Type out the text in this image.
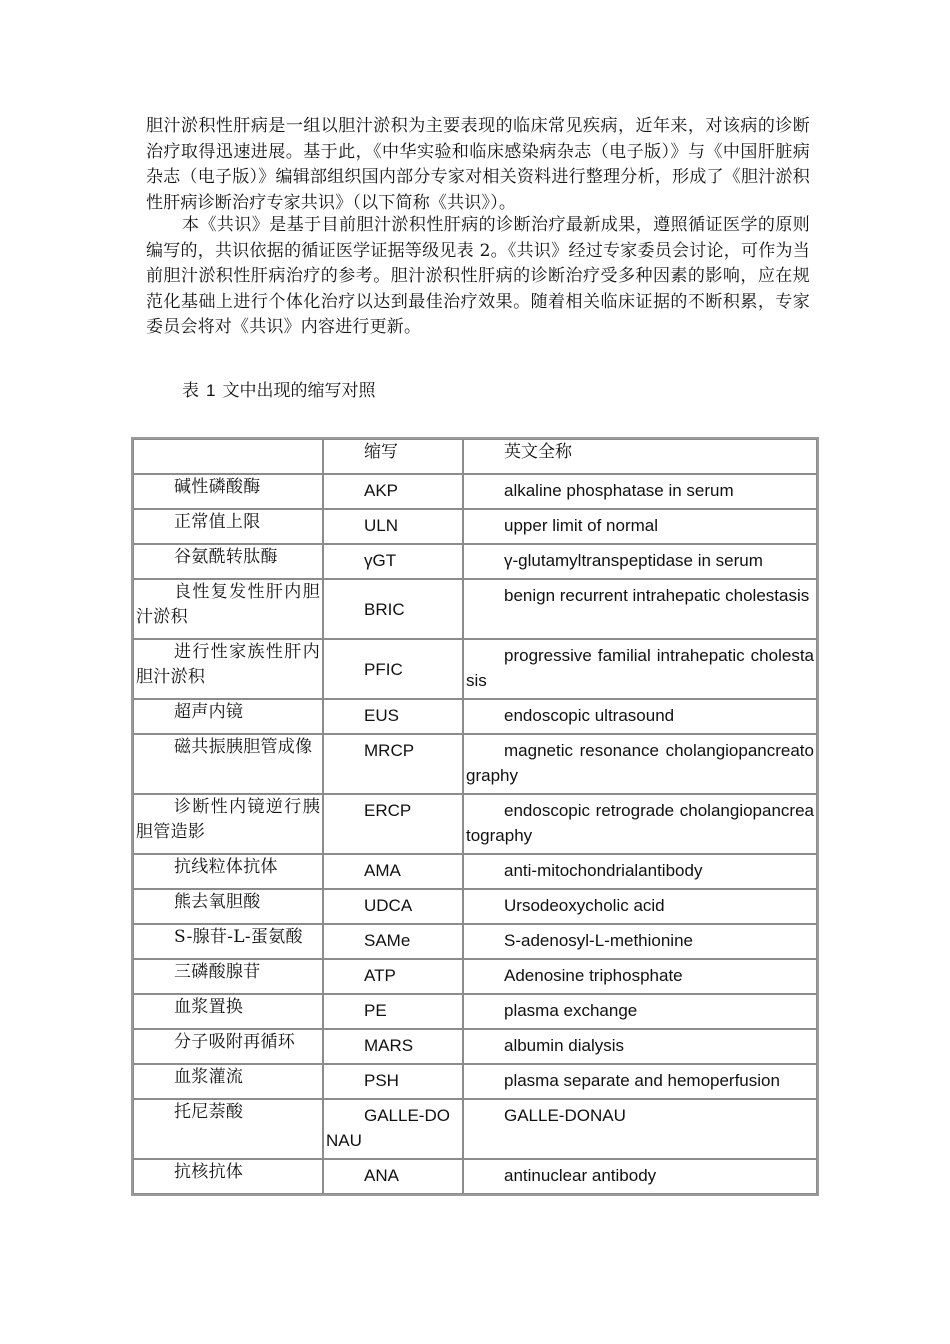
胆汁淤积性肝病是一组以胆汁淤积为主要表现的临床常见疾病，近年来，对该病的诊断治疗取得迅速进展。基于此，《中华实验和临床感染病杂志（电子版）》与《中国肝脏病杂志（电子版）》编辑部组织国内部分专家对相关资料进行整理分析，形成了《胆汁淤积性肝病诊断治疗专家共识》（以下简称《共识》）。

本《共识》是基于目前胆汁淤积性肝病的诊断治疗最新成果，遵照循证医学的原则编写的，共识依据的循证医学证据等级见表 2。《共识》经过专家委员会讨论，可作为当前胆汁淤积性肝病治疗的参考。胆汁淤积性肝病的诊断治疗受多种因素的影响，应在规范化基础上进行个体化治疗以达到最佳治疗效果。随着相关临床证据的不断积累，专家委员会将对《共识》内容进行更新。

表 1 文中出现的缩写对照

	缩写	英文全称
碱性磷酸酶	AKP	alkaline phosphatase in serum
正常值上限	ULN	upper limit of normal
谷氨酰转肽酶	γGT	γ-glutamyltranspeptidase in serum
良性复发性肝内胆汁淤积	BRIC	benign recurrent intrahepatic cholestasis
进行性家族性肝内胆汁淤积	PFIC	progressive familial intrahepatic cholestasis
超声内镜	EUS	endoscopic ultrasound
磁共振胰胆管成像	MRCP	magnetic resonance cholangiopancreatography
诊断性内镜逆行胰胆管造影	ERCP	endoscopic retrograde cholangiopancreatography
抗线粒体抗体	AMA	anti-mitochondrialantibody
熊去氧胆酸	UDCA	Ursodeoxycholic acid
S-腺苷-L-蛋氨酸	SAMe	S-adenosyl-L-methionine
三磷酸腺苷	ATP	Adenosine triphosphate
血浆置换	PE	plasma exchange
分子吸附再循环	MARS	albumin dialysis
血浆灌流	PSH	plasma separate and hemoperfusion
托尼萘酸	GALLE-DONAU	GALLE-DONAU
抗核抗体	ANA	antinuclear antibody
